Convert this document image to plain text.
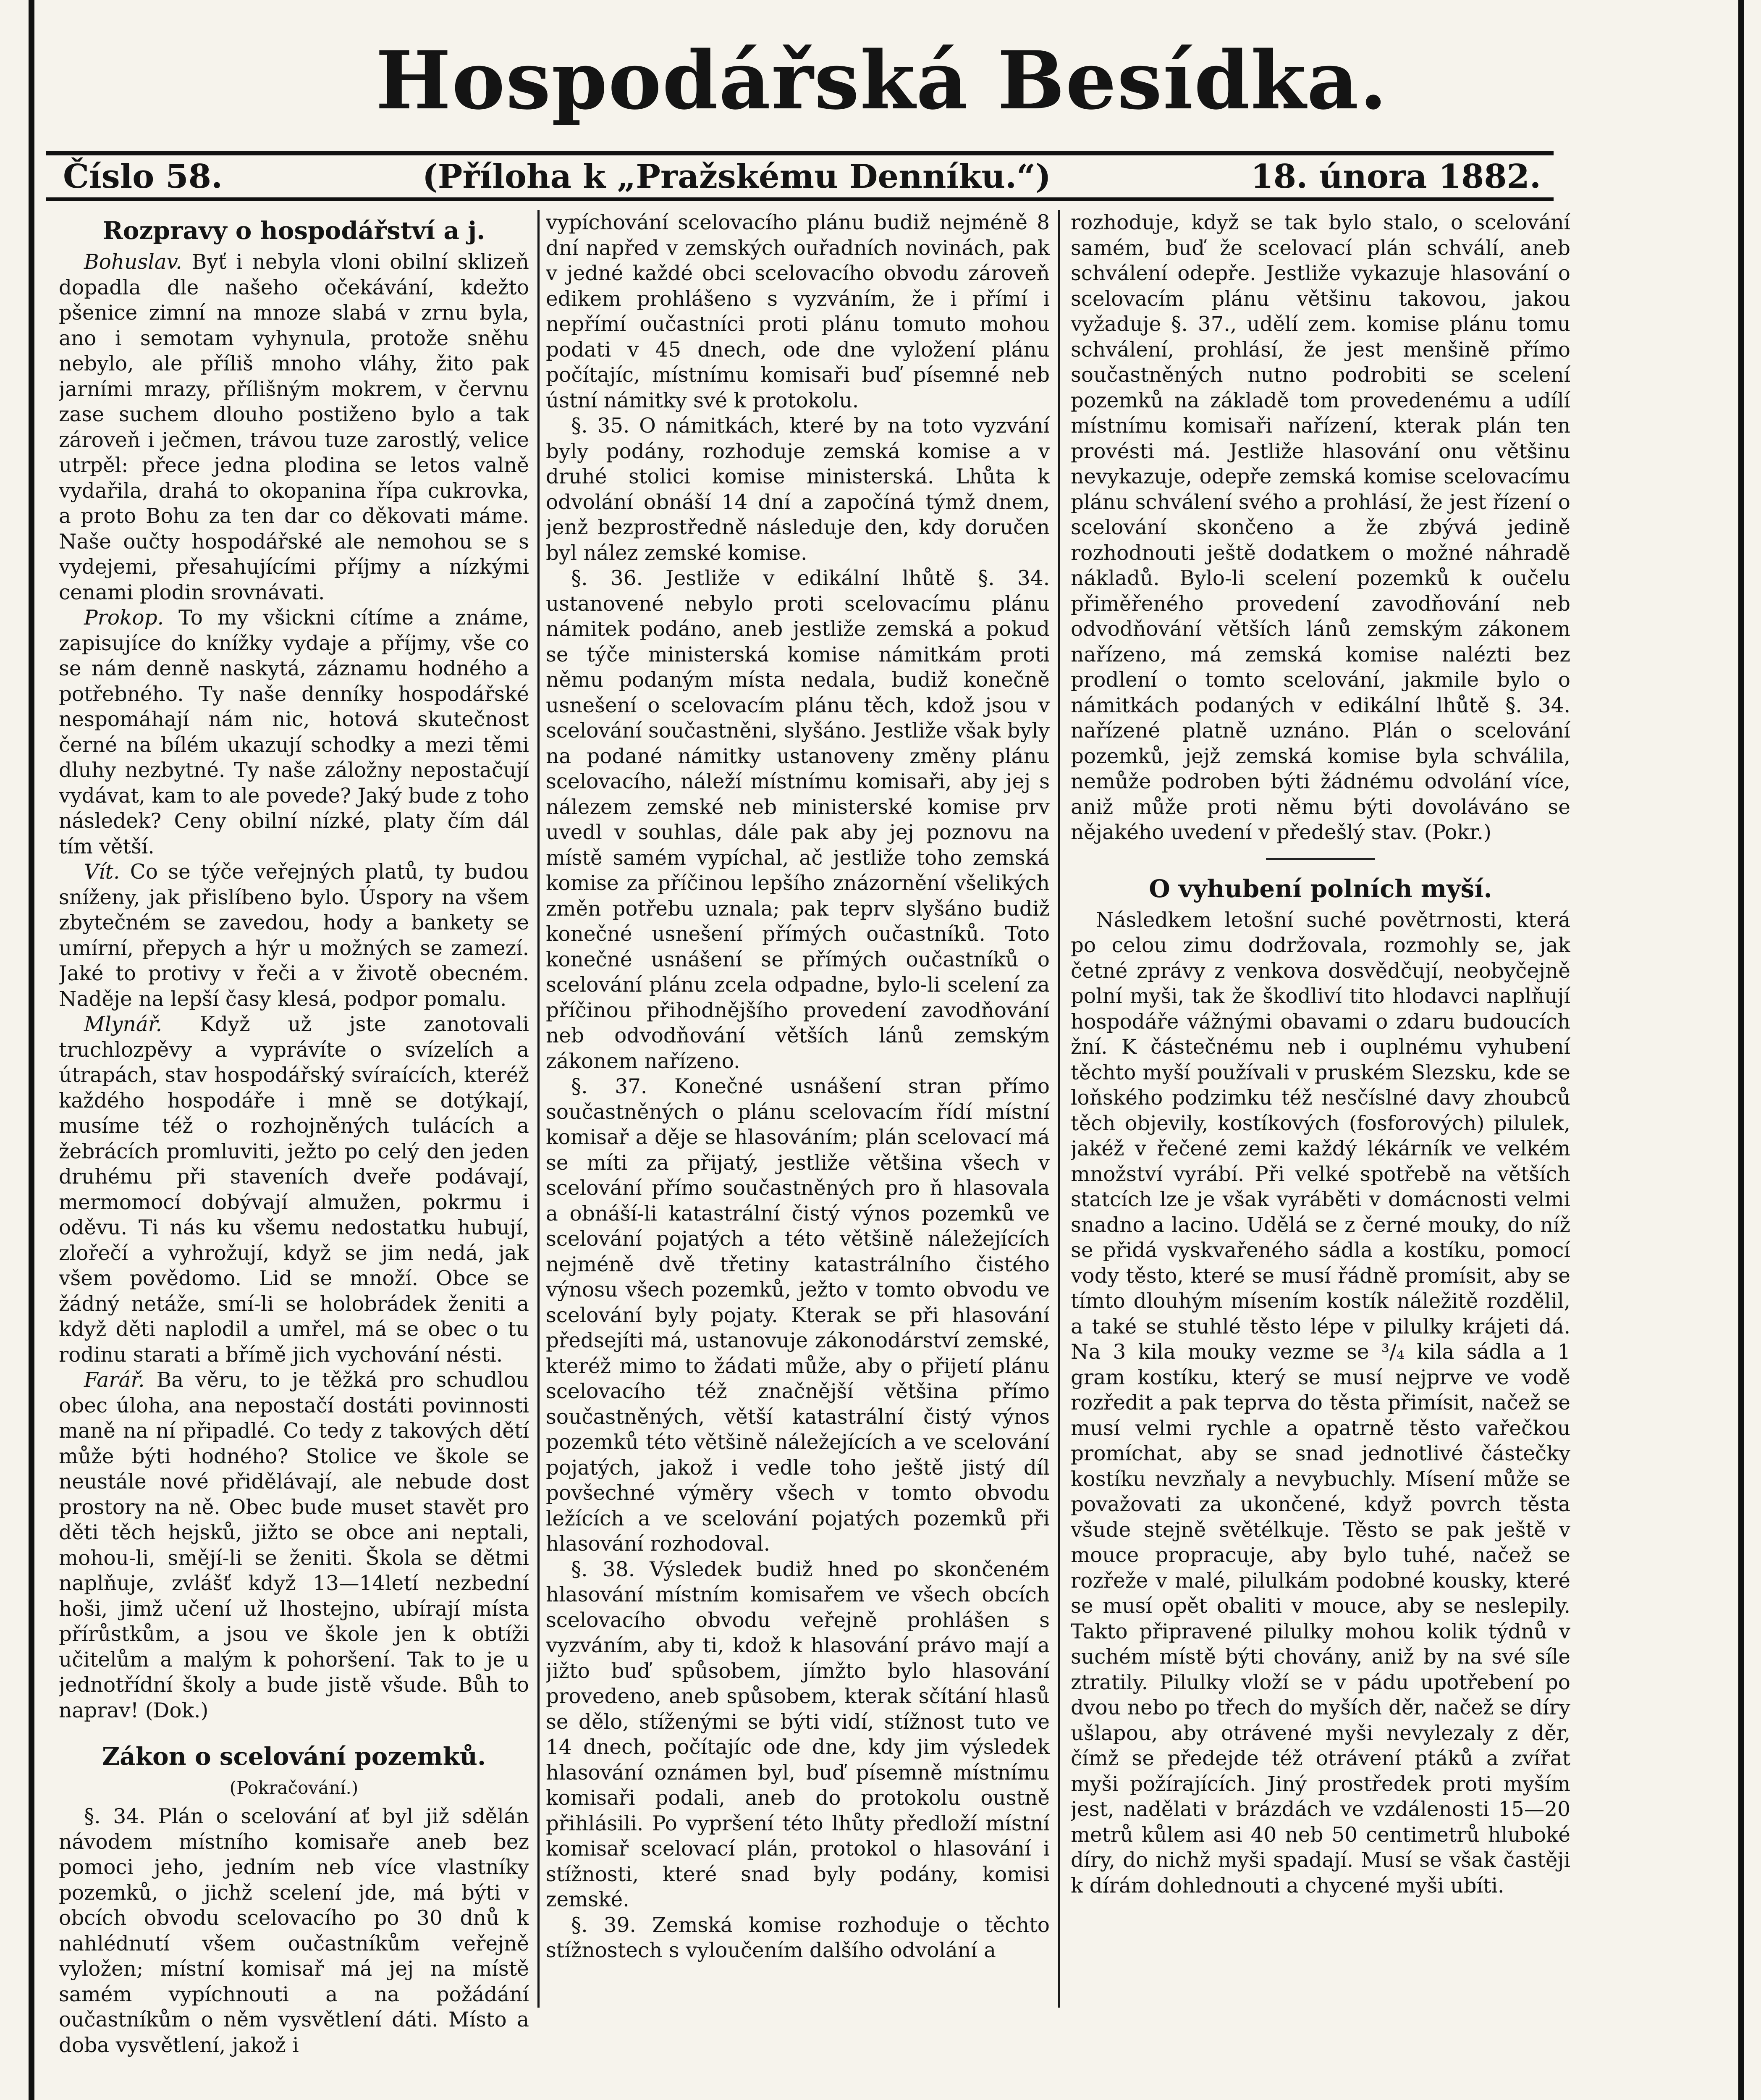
Hospodářská Besídka.
Číslo 58.	(Příloha k „Pražskému Denníku.“)	18. února 1882.
Rozpravy o hospodářství a j.

Bohuslav. Byť i nebyla vloni obilní sklizeň dopadla dle našeho očekávání, kdežto pšenice zimní na mnoze slabá v zrnu byla, ano i semotam vyhynula, protože sněhu nebylo, ale příliš mnoho vláhy, žito pak jarními mrazy, přílišným mokrem, v červnu zase suchem dlouho postiženo bylo a tak zároveň i ječmen, trávou tuze zarostlý, velice utrpěl: přece jedna plodina se letos valně vydařila, drahá to okopanina řípa cukrovka, a proto Bohu za ten dar co děkovati máme. Naše oučty hospodářské ale nemohou se s vydejemi, přesahujícími příjmy a nízkými cenami plodin srovnávati.

Prokop. To my všickni cítíme a známe, zapisujíce do knížky vydaje a příjmy, vše co se nám denně naskytá, záznamu hodného a potřebného. Ty naše denníky hospodářské nespomáhají nám nic, hotová skutečnost černé na bílém ukazují schodky a mezi těmi dluhy nezbytné. Ty naše záložny nepostačují vydávat, kam to ale povede? Jaký bude z toho následek? Ceny obilní nízké, platy čím dál tím větší.

Vít. Co se týče veřejných platů, ty budou sníženy, jak přislíbeno bylo. Úspory na všem zbytečném se zavedou, hody a bankety se umírní, přepych a hýr u možných se zamezí. Jaké to protivy v řeči a v životě obecném. Naděje na lepší časy klesá, podpor pomalu.

Mlynář. Když už jste zanotovali truchlozpěvy a vyprávíte o svízelích a útrapách, stav hospodářský svíraících, kteréž každého hospodáře i mně se dotýkají, musíme též o rozhojněných tulácích a žebrácích promluviti, ježto po celý den jeden druhému při staveních dveře podávají, mermomocí dobývají almužen, pokrmu i oděvu. Ti nás ku všemu nedostatku hubují, zlořečí a vyhrožují, když se jim nedá, jak všem povědomo. Lid se množí. Obce se žádný netáže, smí-li se holobrádek ženiti a když děti naplodil a umřel, má se obec o tu rodinu starati a břímě jich vychování nésti.

Farář. Ba věru, to je těžká pro schudlou obec úloha, ana nepostačí dostáti povinnosti maně na ní připadlé. Co tedy z takových dětí může býti hodného? Stolice ve škole se neustále nové přidělávají, ale nebude dost prostory na ně. Obec bude muset stavět pro děti těch hejsků, jižto se obce ani neptali, mohou-li, smějí-li se ženiti. Škola se dětmi naplňuje, zvlášť když 13—14letí nezbední hoši, jimž učení už lhostejno, ubírají místa přírůstkům, a jsou ve škole jen k obtíži učitelům a malým k pohoršení. Tak to je u jednotřídní školy a bude jistě všude. Bůh to naprav! (Dok.)

Zákon o scelování pozemků.
(Pokračování.)

§. 34. Plán o scelování ať byl již sdělán návodem místního komisaře aneb bez pomoci jeho, jedním neb více vlastníky pozemků, o jichž scelení jde, má býti v obcích obvodu scelovacího po 30 dnů k nahlédnutí všem oučastníkům veřejně vyložen; místní komisař má jej na místě samém vypíchnouti a na požádání oučastníkům o něm vysvětlení dáti. Místo a doba vysvětlení, jakož i

vypíchování scelovacího plánu budiž nejméně 8 dní napřed v zemských ouřadních novinách, pak v jedné každé obci scelovacího obvodu zároveň edikem prohlášeno s vyzváním, že i přímí i nepřímí oučastníci proti plánu tomuto mohou podati v 45 dnech, ode dne vyložení plánu počítajíc, místnímu komisaři buď písemné neb ústní námitky své k protokolu.

§. 35. O námitkách, které by na toto vyzvání byly podány, rozhoduje zemská komise a v druhé stolici komise ministerská. Lhůta k odvolání obnáší 14 dní a započíná týmž dnem, jenž bezprostředně následuje den, kdy doručen byl nález zemské komise.

§. 36. Jestliže v edikální lhůtě §. 34. ustanovené nebylo proti scelovacímu plánu námitek podáno, aneb jestliže zemská a pokud se týče ministerská komise námitkám proti němu podaným místa nedala, budiž konečně usnešení o scelovacím plánu těch, kdož jsou v scelování součastněni, slyšáno. Jestliže však byly na podané námitky ustanoveny změny plánu scelovacího, náleží místnímu komisaři, aby jej s nálezem zemské neb ministerské komise prv uvedl v souhlas, dále pak aby jej poznovu na místě samém vypíchal, ač jestliže toho zemská komise za příčinou lepšího znázornění všelikých změn potřebu uznala; pak teprv slyšáno budiž konečné usnešení přímých oučastníků. Toto konečné usnášení se přímých oučastníků o scelování plánu zcela odpadne, bylo-li scelení za příčinou přihodnějšího provedení zavodňování neb odvodňování větších lánů zemským zákonem nařízeno.

§. 37. Konečné usnášení stran přímo součastněných o plánu scelovacím řídí místní komisař a děje se hlasováním; plán scelovací má se míti za přijatý, jestliže většina všech v scelování přímo součastněných pro ň hlasovala a obnáší-li katastrální čistý výnos pozemků ve scelování pojatých a této většině náležejících nejméně dvě třetiny katastrálního čistého výnosu všech pozemků, ježto v tomto obvodu ve scelování byly pojaty. Kterak se při hlasování předsejíti má, ustanovuje zákonodárství zemské, kteréž mimo to žádati může, aby o přijetí plánu scelovacího též značnější většina přímo součastněných, větší katastrální čistý výnos pozemků této většině náležejících a ve scelování pojatých, jakož i vedle toho ještě jistý díl povšechné výměry všech v tomto obvodu ležících a ve scelování pojatých pozemků při hlasování rozhodoval.

§. 38. Výsledek budiž hned po skončeném hlasování místním komisařem ve všech obcích scelovacího obvodu veřejně prohlášen s vyzváním, aby ti, kdož k hlasování právo mají a jižto buď spůsobem, jímžto bylo hlasování provedeno, aneb spůsobem, kterak sčítání hlasů se dělo, stíženými se býti vidí, stížnost tuto ve 14 dnech, počítajíc ode dne, kdy jim výsledek hlasování oznámen byl, buď písemně místnímu komisaři podali, aneb do protokolu oustně přihlásili. Po vypršení této lhůty předloží místní komisař scelovací plán, protokol o hlasování i stížnosti, které snad byly podány, komisi zemské.

§. 39. Zemská komise rozhoduje o těchto stížnostech s vyloučením dalšího odvolání a

rozhoduje, když se tak bylo stalo, o scelování samém, buď že scelovací plán schválí, aneb schválení odepře. Jestliže vykazuje hlasování o scelovacím plánu většinu takovou, jakou vyžaduje §. 37., udělí zem. komise plánu tomu schválení, prohlásí, že jest menšině přímo součastněných nutno podrobiti se scelení pozemků na základě tom provedenému a udílí místnímu komisaři nařízení, kterak plán ten provésti má. Jestliže hlasování onu většinu nevykazuje, odepře zemská komise scelovacímu plánu schválení svého a prohlásí, že jest řízení o scelování skončeno a že zbývá jedině rozhodnouti ještě dodatkem o možné náhradě nákladů. Bylo-li scelení pozemků k oučelu přiměřeného provedení zavodňování neb odvodňování větších lánů zemským zákonem nařízeno, má zemská komise nalézti bez prodlení o tomto scelování, jakmile bylo o námitkách podaných v edikální lhůtě §. 34. nařízené platně uznáno. Plán o scelování pozemků, jejž zemská komise byla schválila, nemůže podroben býti žádnému odvolání více, aniž může proti němu býti dovoláváno se nějakého uvedení v předešlý stav. (Pokr.)

O vyhubení polních myší.

Následkem letošní suché povětrnosti, která po celou zimu dodržovala, rozmohly se, jak četné zprávy z venkova dosvědčují, neobyčejně polní myši, tak že škodliví tito hlodavci naplňují hospodáře vážnými obavami o zdaru budoucích žní. K částečnému neb i ouplnému vyhubení těchto myší používali v pruském Slezsku, kde se loňského podzimku též nesčíslné davy zhoubců těch objevily, kostíkových (fosforových) pilulek, jakéž v řečené zemi každý lékárník ve velkém množství vyrábí. Při velké spotřebě na větších statcích lze je však vyráběti v domácnosti velmi snadno a lacino. Udělá se z černé mouky, do níž se přidá vyskvařeného sádla a kostíku, pomocí vody těsto, které se musí řádně promísit, aby se tímto dlouhým mísením kostík náležitě rozdělil, a také se stuhlé těsto lépe v pilulky krájeti dá. Na 3 kila mouky vezme se ³/₄ kila sádla a 1 gram kostíku, který se musí nejprve ve vodě rozředit a pak teprva do těsta přimísit, načež se musí velmi rychle a opatrně těsto vařečkou promíchat, aby se snad jednotlivé částečky kostíku nevzňaly a nevybuchly. Mísení může se považovati za ukončené, když povrch těsta všude stejně světélkuje. Těsto se pak ještě v mouce propracuje, aby bylo tuhé, načež se rozřeže v malé, pilulkám podobné kousky, které se musí opět obaliti v mouce, aby se neslepily. Takto připravené pilulky mohou kolik týdnů v suchém místě býti chovány, aniž by na své síle ztratily. Pilulky vloží se v pádu upotřebení po dvou nebo po třech do myších děr, načež se díry ušlapou, aby otrávené myši nevylezaly z děr, čímž se předejde též otrávení ptáků a zvířat myši požírajících. Jiný prostředek proti myším jest, nadělati v brázdách ve vzdálenosti 15—20 metrů kůlem asi 40 neb 50 centimetrů hluboké díry, do nichž myši spadají. Musí se však častěji k dírám dohlednouti a chycené myši ubíti.
